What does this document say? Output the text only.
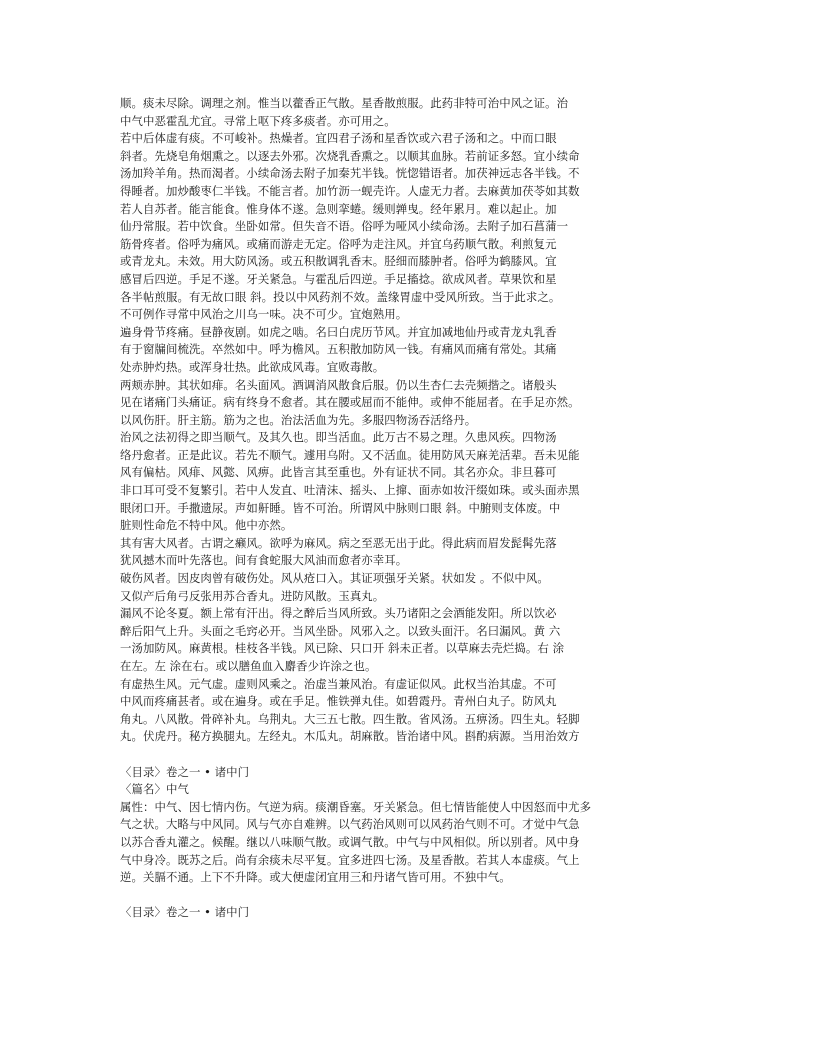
顺。痰未尽除。调理之剂。惟当以藿香正气散。星香散煎服。此药非特可治中风之证。治
中气中恶霍乱尤宜。寻常上呕下疼多痰者。亦可用之。
若中后体虚有痰。不可峻补。热燥者。宜四君子汤和星香饮或六君子汤和之。中而口眼
斜者。先烧皂角烟熏之。以逐去外邪。次烧乳香熏之。以顺其血脉。若前证多怒。宜小续命
汤加羚羊角。热而渴者。小续命汤去附子加秦艽半钱。恍惚错语者。加茯神远志各半钱。不
得睡者。加炒酸枣仁半钱。不能言者。加竹沥一蚬壳许。人虚无力者。去麻黄加茯苓如其数
若人自苏者。能言能食。惟身体不遂。急则挛蜷。缓则亸曳。经年累月。难以起止。加
仙丹常服。若中饮食。坐卧如常。但失音不语。俗呼为哑风小续命汤。去附子加石菖蒲一
筋骨疼者。俗呼为痛风。或痛而游走无定。俗呼为走注风。并宜乌药顺气散。利煎复元
或青龙丸。未效。用大防风汤。或五积散调乳香末。胫细而膝肿者。俗呼为鹤膝风。宜
感冒后四逆。手足不遂。牙关紧急。与霍乱后四逆。手足搐捻。欲成风者。草果饮和星
各半帖煎服。有无故口眼 斜。投以中风药剂不效。盖缘胃虚中受风所致。当于此求之。
不可例作寻常中风治之川乌一味。决不可少。宜炮熟用。
遍身骨节疼痛。昼静夜剧。如虎之啮。名曰白虎历节风。并宜加减地仙丹或青龙丸乳香
有于窗牖间梳洗。卒然如中。呼为檐风。五积散加防风一钱。有痛风而痛有常处。其痛
处赤肿灼热。或浑身壮热。此欲成风毒。宜败毒散。
两颊赤肿。其状如痱。名头面风。酒调消风散食后服。仍以生杏仁去壳频揩之。诸般头
见在诸痛门头痛证。病有终身不愈者。其在腰或屈而不能伸。或伸不能屈者。在手足亦然。
以风伤肝。肝主筋。筋为之也。治法活血为先。多服四物汤吞活络丹。
治风之法初得之即当顺气。及其久也。即当活血。此万古不易之理。久患风疾。四物汤
络丹愈者。正是此议。若先不顺气。遽用乌附。又不活血。徒用防风天麻羌活辈。吾未见能
风有偏枯。风痱、风懿、风痹。此皆言其至重也。外有证状不同。其名亦众。非旦暮可
非口耳可受不复繁引。若中人发直、吐清沫、摇头、上撺、面赤如妆汗缀如珠。或头面赤黑
眼闭口开。手撒遗尿。声如鼾睡。皆不可治。所谓风中脉则口眼 斜。中腑则支体废。中
脏则性命危不特中风。他中亦然。
其有害大风者。古谓之癞风。欲呼为麻风。病之至恶无出于此。得此病而眉发髭髯先落
犹风撼木而叶先落也。间有食蛇服大风油而愈者亦幸耳。
破伤风者。因皮肉曾有破伤处。风从疮口入。其证项强牙关紧。状如发 。不似中风。
又似产后角弓反张用苏合香丸。进防风散。玉真丸。
漏风不论冬夏。额上常有汗出。得之醉后当风所致。头乃诸阳之会酒能发阳。所以饮必
醉后阳气上升。头面之毛窍必开。当风坐卧。风邪入之。以致头面汗。名曰漏风。黄 六
一汤加防风。麻黄根。桂枝各半钱。风已除、只口开 斜未正者。以草麻去壳烂捣。右 涂
在左。左 涂在右。或以膳鱼血入麝香少许涂之也。
有虚热生风。元气虚。虚则风乘之。治虚当兼风治。有虚证似风。此权当治其虚。不可
中风而疼痛甚者。或在遍身。或在手足。惟铁弹丸佳。如碧霞丹。青州白丸子。防风丸
角丸。八风散。骨碎补丸。乌荆丸。大三五七散。四生散。省风汤。五痹汤。四生丸。轻脚
丸。伏虎丹。秘方换腿丸。左经丸。木瓜丸。胡麻散。皆治诸中风。斟酌病源。当用治效方
〈目录〉卷之一 • 诸中门
〈篇名〉中气
属性：中气、因七情内伤。气逆为病。痰潮昏塞。牙关紧急。但七情皆能使人中因怒而中尤多
气之状。大略与中风同。风与气亦自难辨。以气药治风则可以风药治气则不可。才觉中气急
以苏合香丸灌之。候醒。继以八味顺气散。或调气散。中气与中风相似。所以别者。风中身
气中身冷。既苏之后。尚有余痰未尽平复。宜多进四七汤。及星香散。若其人本虚痰。气上
逆。关膈不通。上下不升降。或大便虚闭宜用三和丹诸气皆可用。不独中气。
〈目录〉卷之一 • 诸中门
